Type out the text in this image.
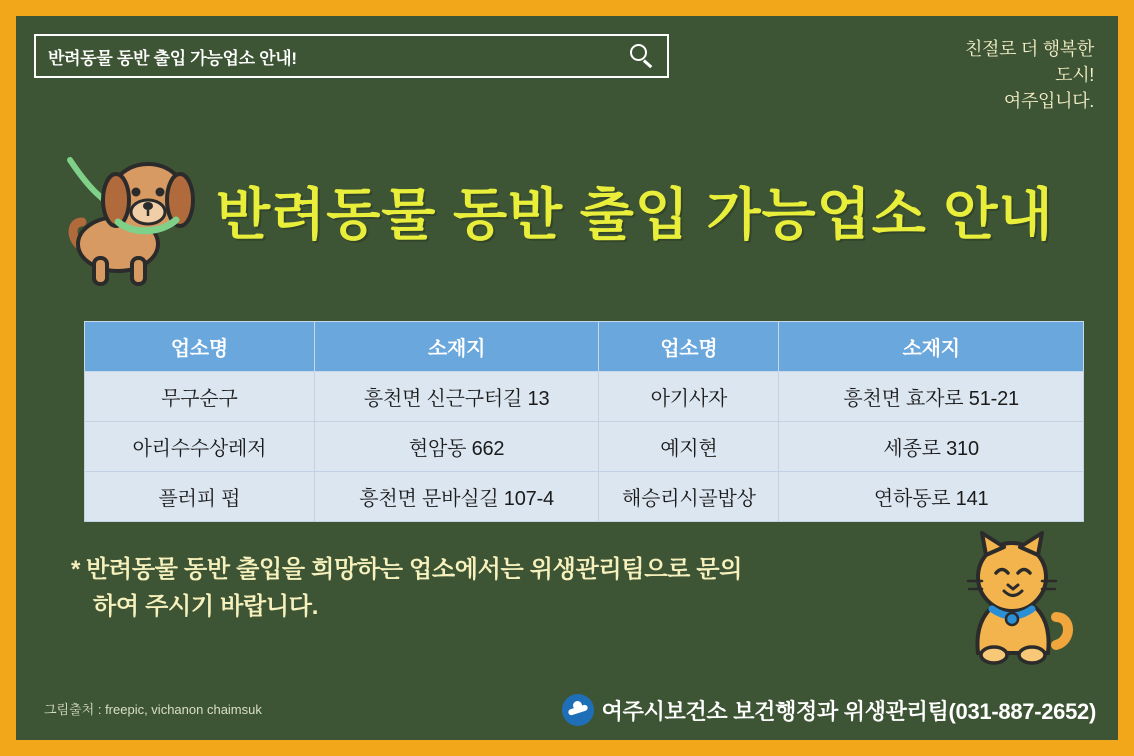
반려동물 동반 출입 가능업소 안내!	친절로 더 행복한
도시!
여주입니다.
반려동물 동반 출입 가능업소 안내
업소명	소재지	업소명	소재지
무구순구	흥천면 신근구터길 13	아기사자	흥천면 효자로 51-21
아리수수상레저	현암동 662	예지현	세종로 310
플러피 펍	흥천면 문바실길 107-4	해승리시골밥상	연하동로 141
* 반려동물 동반 출입을 희망하는 업소에서는 위생관리팀으로 문의
하여 주시기 바랍니다.
그림출처 : freepic, vichanon chaimsuk	여주시보건소 보건행정과 위생관리팀(031-887-2652)
